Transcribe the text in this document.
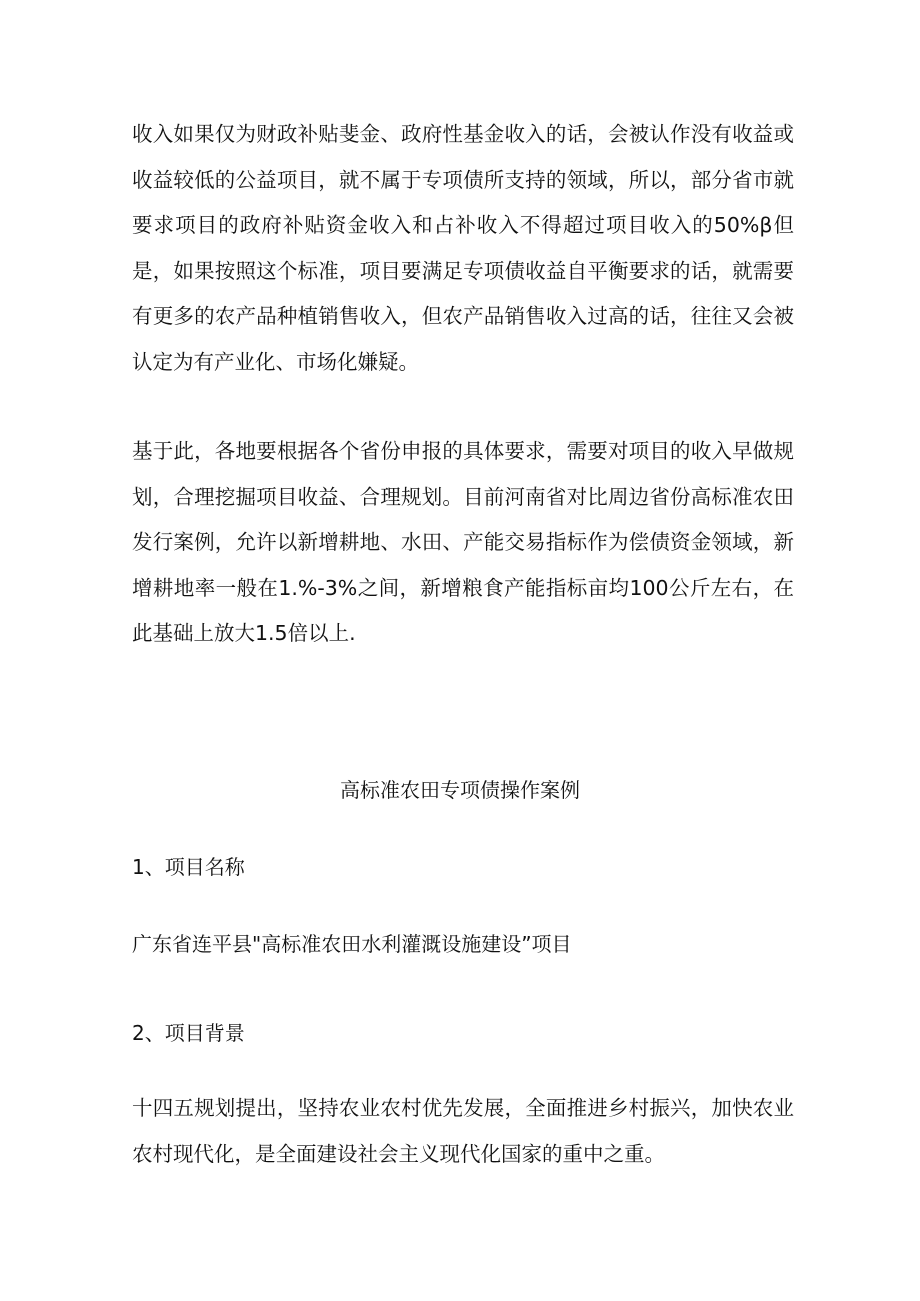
收入如果仅为财政补贴斐金、政府性基金收入的话，会被认作没有收益或收益较低的公益项目，就不属于专项债所支持的领域，所以，部分省市就要求项目的政府补贴资金收入和占补收入不得超过项目收入的50%β但是，如果按照这个标准，项目要满足专项债收益自平衡要求的话，就需要有更多的农产品种植销售收入，但农产品销售收入过高的话，往往又会被认定为有产业化、市场化嫌疑。

基于此，各地要根据各个省份申报的具体要求，需要对项目的收入早做规划，合理挖掘项目收益、合理规划。目前河南省对比周边省份高标准农田发行案例，允许以新增耕地、水田、产能交易指标作为偿债资金领域，新增耕地率一般在1.%-3%之间，新增粮食产能指标亩均100公斤左右，在此基础上放大1.5倍以上.

高标准农田专项债操作案例

1、项目名称

广东省连平县"高标准农田水利灌溉设施建设”项目

2、项目背景

十四五规划提出，坚持农业农村优先发展，全面推进乡村振兴，加快农业农村现代化，是全面建设社会主义现代化国家的重中之重。
